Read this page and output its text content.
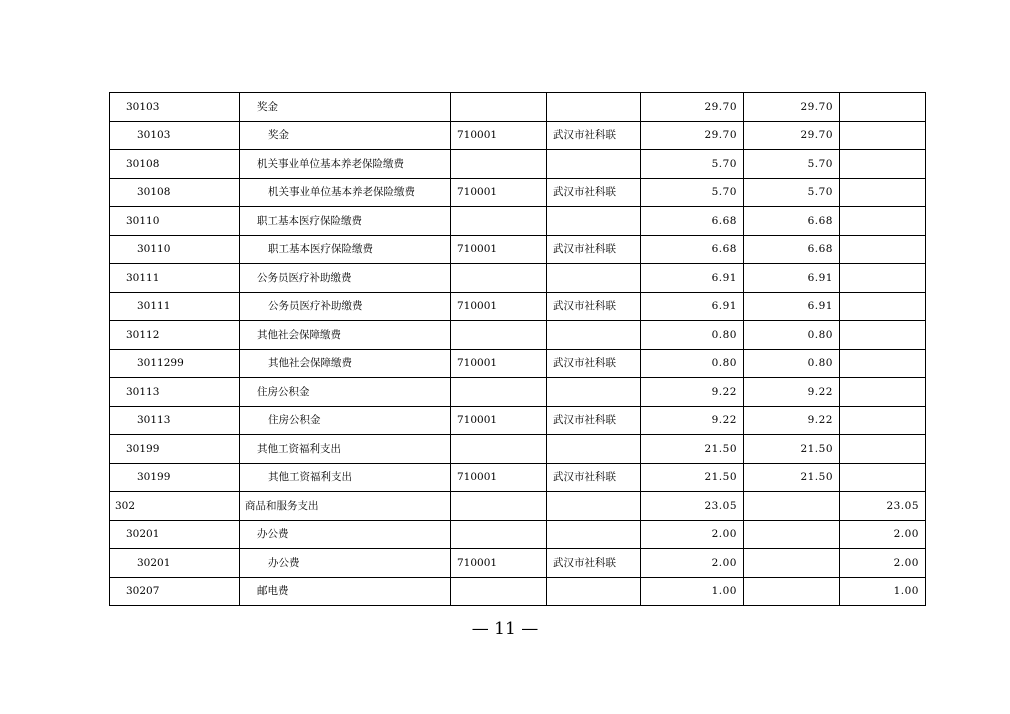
30103	奖金			29.70	29.70	
30103	奖金	710001	武汉市社科联	29.70	29.70	
30108	机关事业单位基本养老保险缴费			5.70	5.70	
30108	机关事业单位基本养老保险缴费	710001	武汉市社科联	5.70	5.70	
30110	职工基本医疗保险缴费			6.68	6.68	
30110	职工基本医疗保险缴费	710001	武汉市社科联	6.68	6.68	
30111	公务员医疗补助缴费			6.91	6.91	
30111	公务员医疗补助缴费	710001	武汉市社科联	6.91	6.91	
30112	其他社会保障缴费			0.80	0.80	
3011299	其他社会保障缴费	710001	武汉市社科联	0.80	0.80	
30113	住房公积金			9.22	9.22	
30113	住房公积金	710001	武汉市社科联	9.22	9.22	
30199	其他工资福利支出			21.50	21.50	
30199	其他工资福利支出	710001	武汉市社科联	21.50	21.50	
302	商品和服务支出			23.05		23.05
30201	办公费			2.00		2.00
30201	办公费	710001	武汉市社科联	2.00		2.00
30207	邮电费			1.00		1.00
— 11 —
